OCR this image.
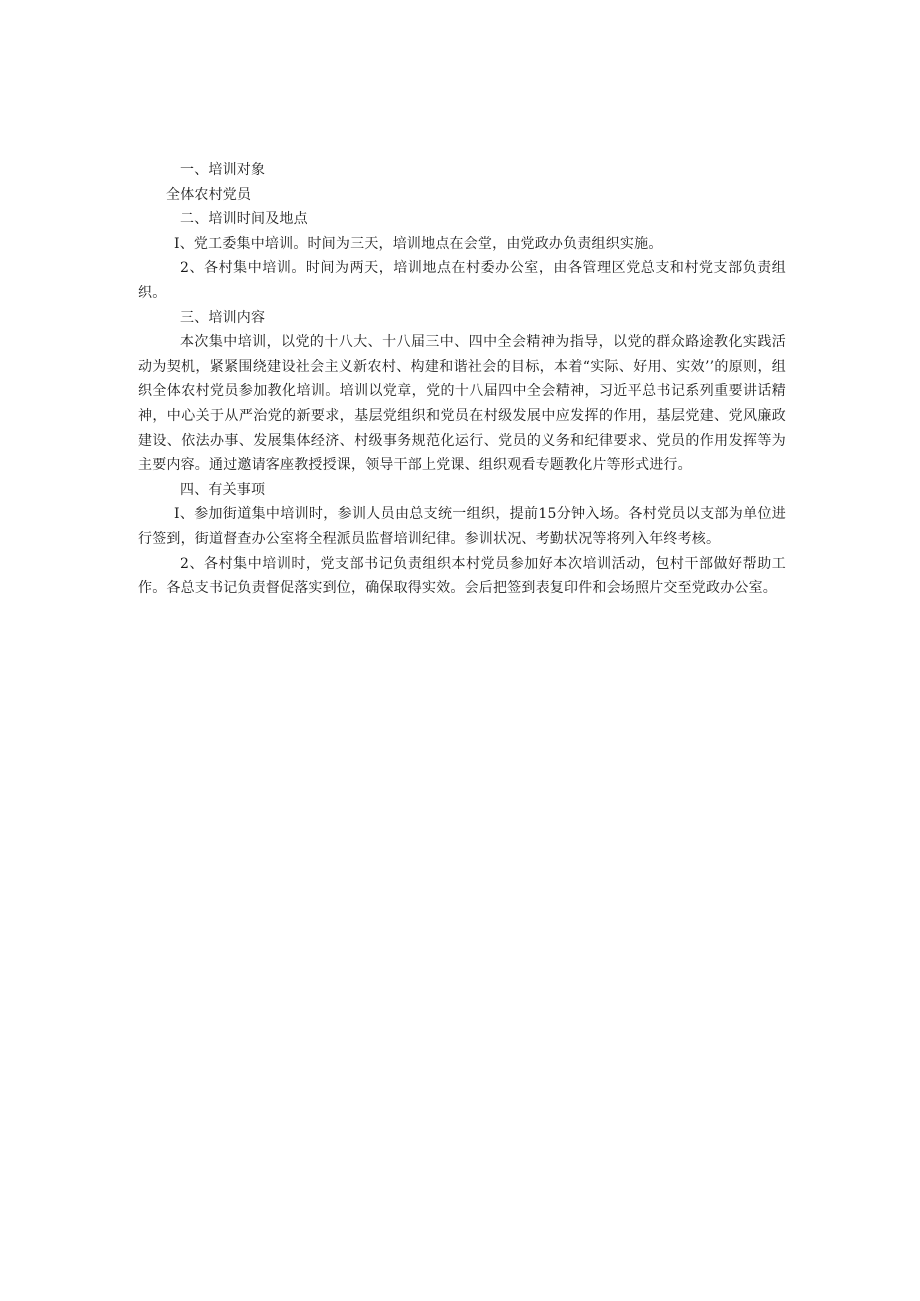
一、培训对象

全体农村党员

二、培训时间及地点

I、党工委集中培训。时间为三天，培训地点在会堂，由党政办负责组织实施。

2、各村集中培训。时间为两天，培训地点在村委办公室，由各管理区党总支和村党支部负责组织。

三、培训内容

本次集中培训，以党的十八大、十八届三中、四中全会精神为指导，以党的群众路途教化实践活动为契机，紧紧围绕建设社会主义新农村、构建和谐社会的目标，本着“实际、好用、实效’’的原则，组织全体农村党员参加教化培训。培训以党章，党的十八届四中全会精神，习近平总书记系列重要讲话精神，中心关于从严治党的新要求，基层党组织和党员在村级发展中应发挥的作用，基层党建、党风廉政建设、依法办事、发展集体经济、村级事务规范化运行、党员的义务和纪律要求、党员的作用发挥等为主要内容。通过邀请客座教授授课，领导干部上党课、组织观看专题教化片等形式进行。

四、有关事项

I、参加街道集中培训时，参训人员由总支统一组织，提前15分钟入场。各村党员以支部为单位进行签到，街道督查办公室将全程派员监督培训纪律。参训状况、考勤状况等将列入年终考核。

2、各村集中培训时，党支部书记负责组织本村党员参加好本次培训活动，包村干部做好帮助工作。各总支书记负责督促落实到位，确保取得实效。会后把签到表复印件和会场照片交至党政办公室。
